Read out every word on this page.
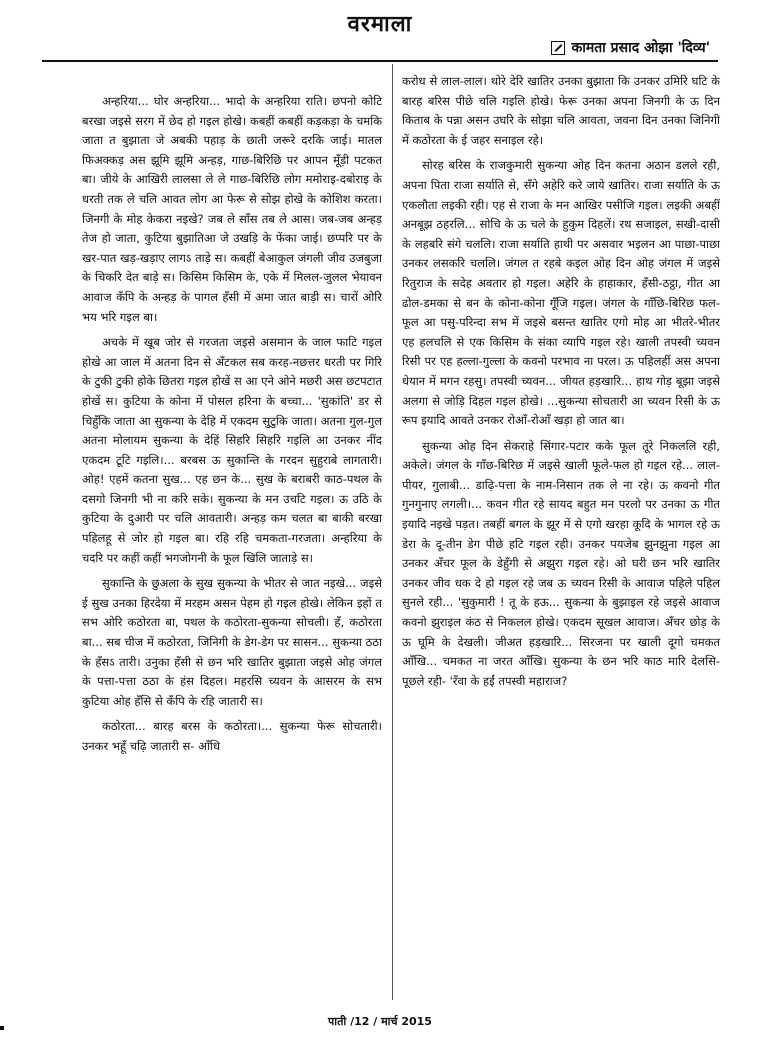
वरमाला
कामता प्रसाद ओझा 'दिव्य'

अन्हरिया... घोर अन्हरिया... भादो के अन्हरिया राति। छपनो कोटि बरखा जइसे सरग में छेद हो गइल होखे। कबहीं कबहीं कड़कड़ा के चमकि जाता त बुझाता जे अबकी पहाड़ के छाती जरूरे दरकि जाई। मातल फिअक्कड़ अस झूमि झूमि अन्हड़, गाछ-बिरिछि पर आपन मूँड़ी पटकत बा। जीये के आखिरी लालसा ले ले गाछ-बिरिछि लोग ममोराइ-दबोराइ के धरती तक ले चलि आवत लोग आ फेरू से सोझ होखे के कोशिश करता। जिनगी के मोह केकरा नइखे? जब ले साँस तब ले आस। जब-जब अन्हड़ तेज हो जाता, कुटिया बुझातिआ जे उखड़ि के फेंका जाई। छप्परि पर के खर-पात खड़-खड़ाए लागऽ ताड़े स। कबहीं बेआकुल जंगली जीव उजबुजा के चिकरि देत बाड़े स। किसिम किसिम के, एके में मिलल-जुलल भेयावन आवाज कँपि के अन्हड़ के पागल हँसी में अमा जात बाड़ी स। चारों ओरि भय भरि गइल बा।

अचके में खूब जोर से गरजता जइसे असमान के जाल फाटि गइल होखे आ जाल में अतना दिन से अँटकल सब करह-नछत्तर धरती पर गिरि के टुकी टुकी होके छितरा गइल होखें स आ एने ओने मछरी अस छटपटात होखें स। कुटिया के कोना में पोसल हरिना के बच्चा... 'सुकांति' डर से चिहुँकि जाता आ सुकन्या के देहि में एकदम सुटुकि जाता। अतना गुल-गुल अतना मोलायम सुकन्या के देहिं सिहरि सिहरि गइलि आ उनकर नींद एकदम टूटि गइलि।... बरबस ऊ सुकान्ति के गरदन सुहुराबे लागतारी। ओह! एहमें कतना सुख... एह छन के... सुख के बराबरी काठ-पथल के दसगो जिनगी भी ना करि सके। सुकन्या के मन उचटि गइल। ऊ उठि के कुटिया के दुआरी पर चलि आवतारी। अन्हड़ कम चलत बा बाकी बरखा पहिलहू से जोर हो गइल बा। रहि रहि चमकता-गरजता। अन्हरिया के चदरि पर कहीं कहीं भगजोगनी के फूल खिलि जाताड़े स।

सुकान्ति के छुअला के सुख सुकन्या के भीतर से जात नइखे... जइसे ई सुख उनका हिरदेया में मरहम असन पेहम हो गइल होखे। लेकिन इहों त सभ ओरि कठोरता बा, पथल के कठोरता-सुकन्या सोचली। हँ, कठोरता बा... सब चीज में कठोरता, जिनिगी के डेग-डेग पर सासन... सुकन्या ठठा के हँसऽ तारी। उनुका हँसी से छन भरि खातिर बुझाता जइसे ओह जंगल के पत्ता-पत्ता ठठा के हंस दिहल। महरसि च्यवन के आसरम के सभ कुटिया ओह हँसि से कँपि के रहि जातारी स।

कठोरता... बारह बरस के कठोरता।... सुकन्या फेरू सोचतारी। उनकर भहूँ चढ़ि जातारी स- आँधि

करोध से लाल-लाल। थोरे देरि खातिर उनका बुझाता कि उनकर उमिरि घटि के बारह बरिस पीछे चलि गइलि होखे। फेरू उनका अपना जिनगी के ऊ दिन किताब के पन्ना असन उघरि के सोझा चलि आवता, जवना दिन उनका जिनिगी में कठोरता के ई जहर सनाइल रहे।

सोरह बरिस के राजकुमारी सुकन्या ओह दिन कतना अठान डलले रही, अपना पिता राजा सर्याति से, सँगे अहेरि करे जाये खातिर। राजा सर्याति के ऊ एकलौता लइकी रही। एह से राजा के मन आखिर पसीजि गइल। लइकी अबहीं अनबूझ ठहरलि... सोचि के ऊ चले के हुकुम दिहलें। रथ सजाइल, सखी-दासी के लहबरि संगे चललि। राजा सर्याति हाथी पर असवार भइलन आ पाछा-पाछा उनकर लसकरि चललि। जंगल त रहबे कइल ओह दिन ओह जंगल में जइसे रितुराज के सदेह अवतार हो गइल। अहेरि के हाहाकार, हँसी-ठट्ठा, गीत आ ढोल-डमका से बन के कोना-कोना गूँजि गइल। जंगल के गाँछि-बिरिछ फल-फूल आ पसु-परिन्दा सभ में जइसे बसन्त खातिर एगो मोह आ भीतरे-भीतर एह हलचलि से एक किसिम के संका व्यापि गइल रहे। खाली तपस्वी च्यवन रिसी पर एह हल्ला-गुल्ला के कवनो परभाव ना परल। ऊ पहिलहीं अस अपना धेयान में मगन रहसु। तपस्वी च्यवन... जीयत हड़खारि... हाथ गोड़ बूझा जइसे अलगा से जोड़ि दिहल गइल होखे। ...सुकन्या सोचतारी आ च्यवन रिसी के ऊ रूप इयादि आवते उनकर रोआँ-रोआँ खड़ा हो जात बा।

सुकन्या ओह दिन सेकराहे सिंगार-पटार कके फूल तूरे निकललि रही, अकेले। जंगल के गाँछ-बिरिछ में जइसे खाली फूले-फल हो गइल रहे... लाल-पीयर, गुलाबी... डाढ़ि-पत्ता के नाम-निसान तक ले ना रहे। ऊ कवनो गीत गुनगुनाए लगली।... कवन गीत रहे सायद बहुत मन परलो पर उनका ऊ गीत इयादि नइखे पड़त। तबहीं बगल के झूर में से एगो खरहा कूदि के भागल रहे ऊ डेरा के दू-तीन डेग पीछे हटि गइल रही। उनकर पयजेब झुनझुना गइल आ उनकर अँचर फूल के डेहुँगी से अझुरा गइल रहे। ओ घरी छन भरि खातिर उनकर जीव धक दे हो गइल रहे जब ऊ च्यवन रिसी के आवाज पहिले पहिल सुनले रही... 'सुकुमारी ! तू के हऊ... सुकन्या के बुझाइल रहे जइसे आवाज कवनो झुराइल कंठ से निकलल होखे। एकदम सूखल आवाज। अँचर छोड़ के ऊ घूमि के देखली। जीअत हड़खारि... सिरजना पर खाली दूगो चमकत आँखि... चमकत ना जरत आँखि। सुकन्या के छन भरि काठ मारि देलसि- पूछले रही- 'रँवा के हईं तपस्वी महाराज?

पाती /12 / मार्च 2015
